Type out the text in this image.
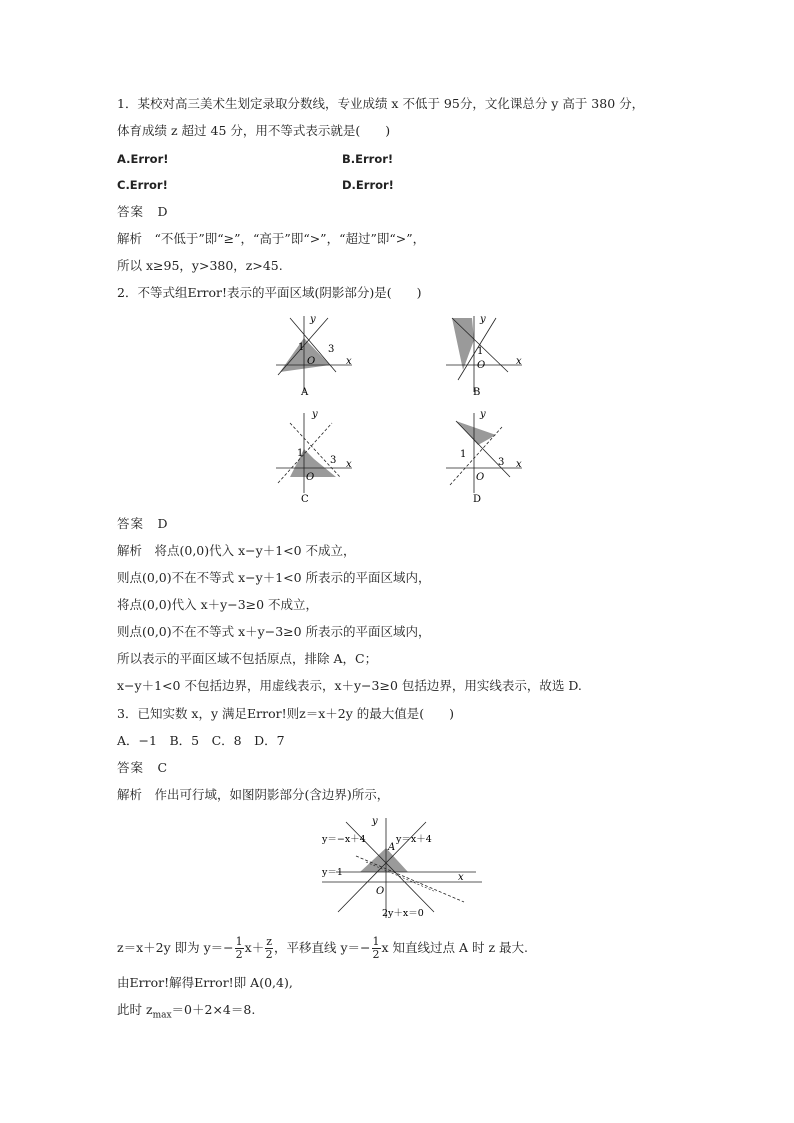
1．某校对高三美术生划定录取分数线，专业成绩 x 不低于 95分，文化课总分 y 高于 380 分，
体育成绩 z 超过 45 分，用不等式表示就是(　　)
A.Error!	B.Error!
C.Error!	D.Error!
答案　D
解析　“不低于”即“≥”，“高于”即“>”，“超过”即“>”，
所以 x≥95，y>380，z>45.
2．不等式组Error!表示的平面区域(阴影部分)是(　　)
y
x
1 3
O
A
y
x
1
O
B
y
x
1
3
O
C
y
x
1
3
O
D
答案　D
解析　将点(0,0)代入 x−y＋1<0 不成立，
则点(0,0)不在不等式 x−y＋1<0 所表示的平面区域内，
将点(0,0)代入 x＋y−3≥0 不成立，
则点(0,0)不在不等式 x＋y−3≥0 所表示的平面区域内，
所以表示的平面区域不包括原点，排除 A，C；
x−y＋1<0 不包括边界，用虚线表示，x＋y−3≥0 包括边界，用实线表示，故选 D.
3．已知实数 x，y 满足Error!则z＝x＋2y 的最大值是(　　)
A．−1　B．5　C．8　D．7
答案　C
解析　作出可行域，如图阴影部分(含边界)所示，
y＝−x＋4	y＝x＋4
y＝1
2y＋x＝0
A
O
x
y
z＝x＋2y 即为 $y=- \frac{1}{2} x+ \frac{z}{2}$ ，平移直线 $y=- \frac{1}{2}$ x 知直线过点 A 时 z 最大.
由Error!解得Error!即 A(0,4),
此时 $z_{max}=0+2\times 4=8$.
